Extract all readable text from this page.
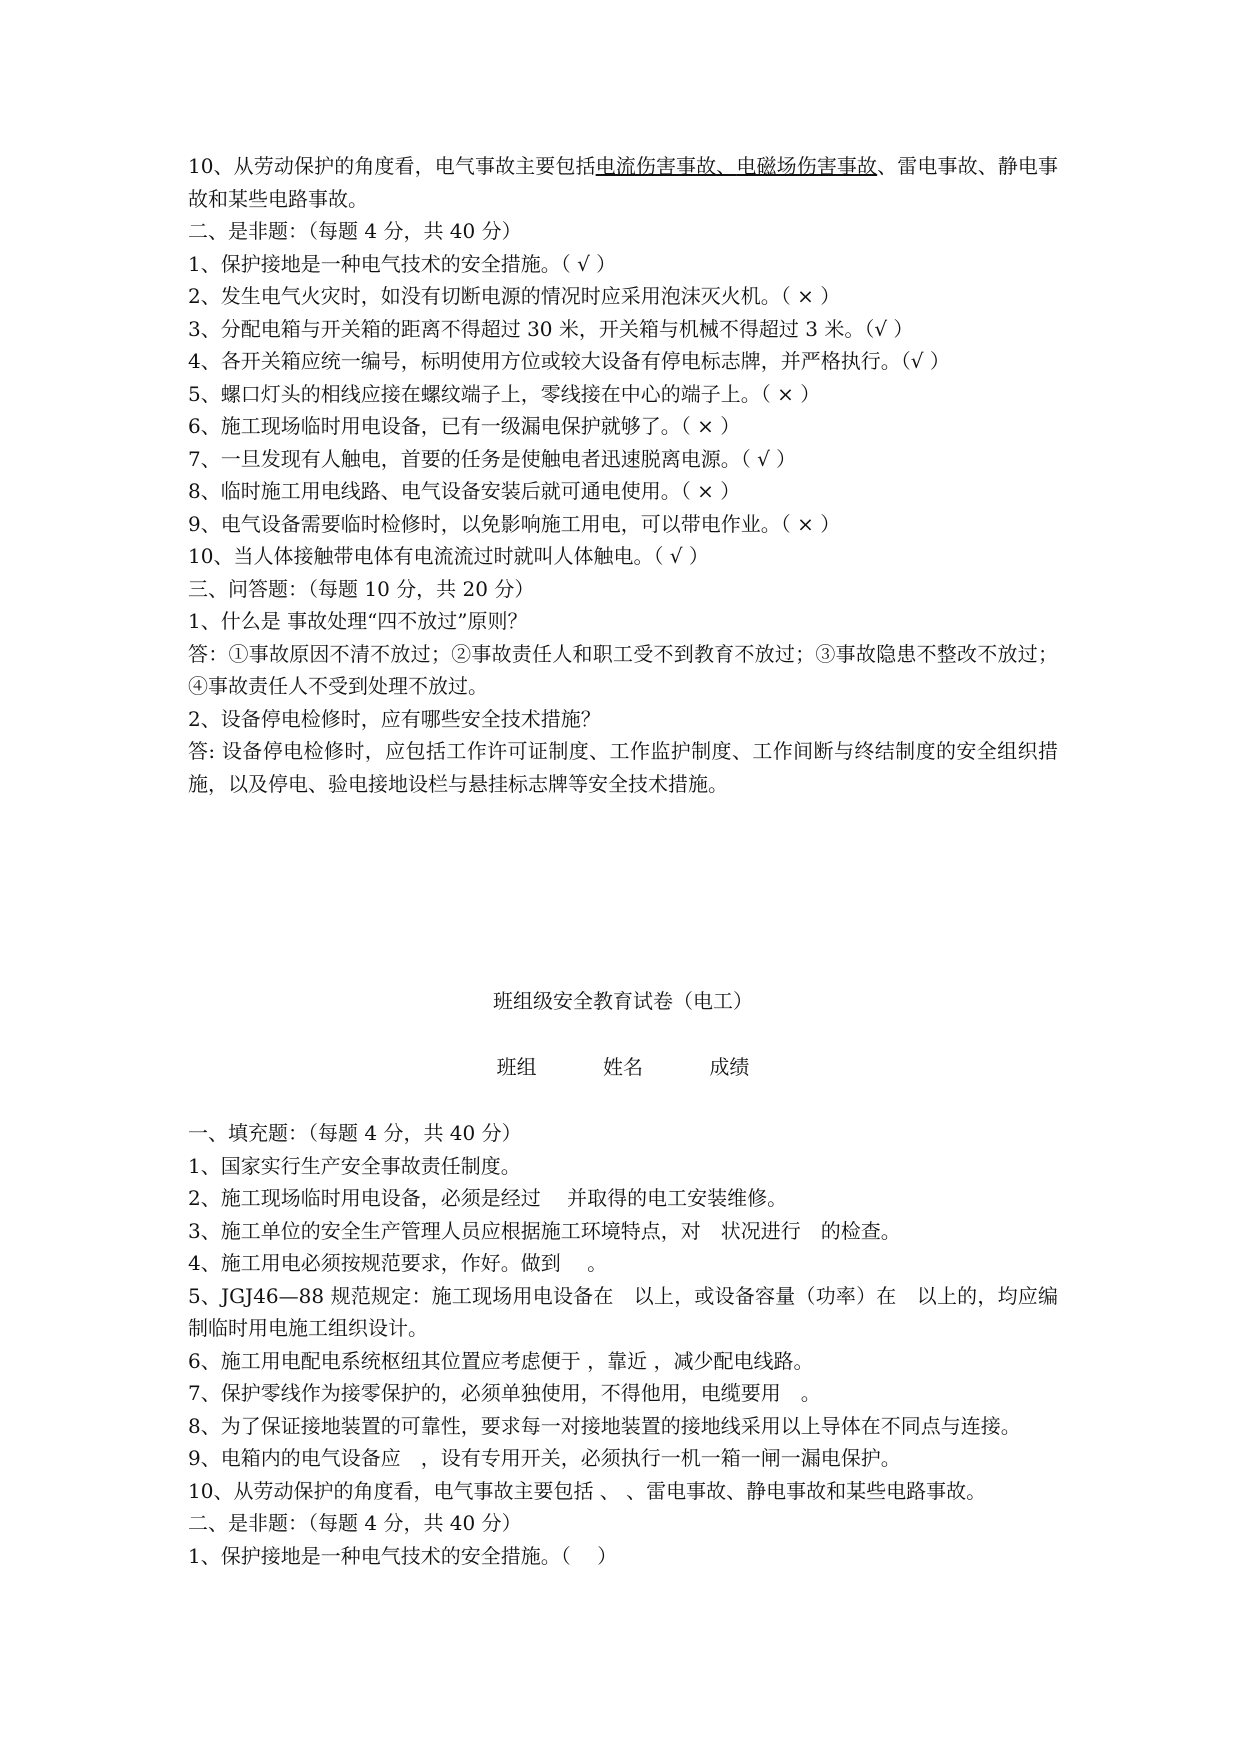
10、从劳动保护的角度看，电气事故主要包括电流伤害事故、电磁场伤害事故、雷电事故、静电事故和某些电路事故。
二、是非题：（每题 4 分，共 40 分）
1、保护接地是一种电气技术的安全措施。（ √ ）
2、发生电气火灾时，如没有切断电源的情况时应采用泡沫灭火机。（ × ）
3、分配电箱与开关箱的距离不得超过 30 米，开关箱与机械不得超过 3 米。（√ ）
4、各开关箱应统一编号，标明使用方位或较大设备有停电标志牌，并严格执行。（√ ）
5、螺口灯头的相线应接在螺纹端子上，零线接在中心的端子上。（ × ）
6、施工现场临时用电设备，已有一级漏电保护就够了。（ × ）
7、一旦发现有人触电，首要的任务是使触电者迅速脱离电源。（ √ ）
8、临时施工用电线路、电气设备安装后就可通电使用。（ × ）
9、电气设备需要临时检修时，以免影响施工用电，可以带电作业。（ × ）
10、当人体接触带电体有电流流过时就叫人体触电。（ √ ）
三、问答题：（每题 10 分，共 20 分）
1、什么是 事故处理“四不放过”原则？
答：①事故原因不清不放过；②事故责任人和职工受不到教育不放过；③事故隐患不整改不放过；④事故责任人不受到处理不放过。
2、设备停电检修时，应有哪些安全技术措施？
答: 设备停电检修时，应包括工作许可证制度、工作监护制度、工作间断与终结制度的安全组织措施，以及停电、验电接地设栏与悬挂标志牌等安全技术措施。
班组级安全教育试卷（电工）
班组	姓名	成绩
一、填充题：（每题 4 分，共 40 分）
1、国家实行生产安全事故责任制度。
2、施工现场临时用电设备，必须是经过　 并取得的电工安装维修。
3、施工单位的安全生产管理人员应根据施工环境特点，对　状况进行　的检查。
4、施工用电必须按规范要求，作好。做到　 。
5、JGJ46—88 规范规定：施工现场用电设备在　以上，或设备容量（功率）在　以上的，均应编制临时用电施工组织设计。
6、施工用电配电系统枢纽其位置应考虑便于 ，靠近 ，减少配电线路。
7、保护零线作为接零保护的，必须单独使用，不得他用，电缆要用　。
8、为了保证接地装置的可靠性，要求每一对接地装置的接地线采用以上导体在不同点与连接。
9、电箱内的电气设备应　，设有专用开关，必须执行一机一箱一闸一漏电保护。
10、从劳动保护的角度看，电气事故主要包括 、 、雷电事故、静电事故和某些电路事故。
二、是非题：（每题 4 分，共 40 分）
1、保护接地是一种电气技术的安全措施。（　 ）
